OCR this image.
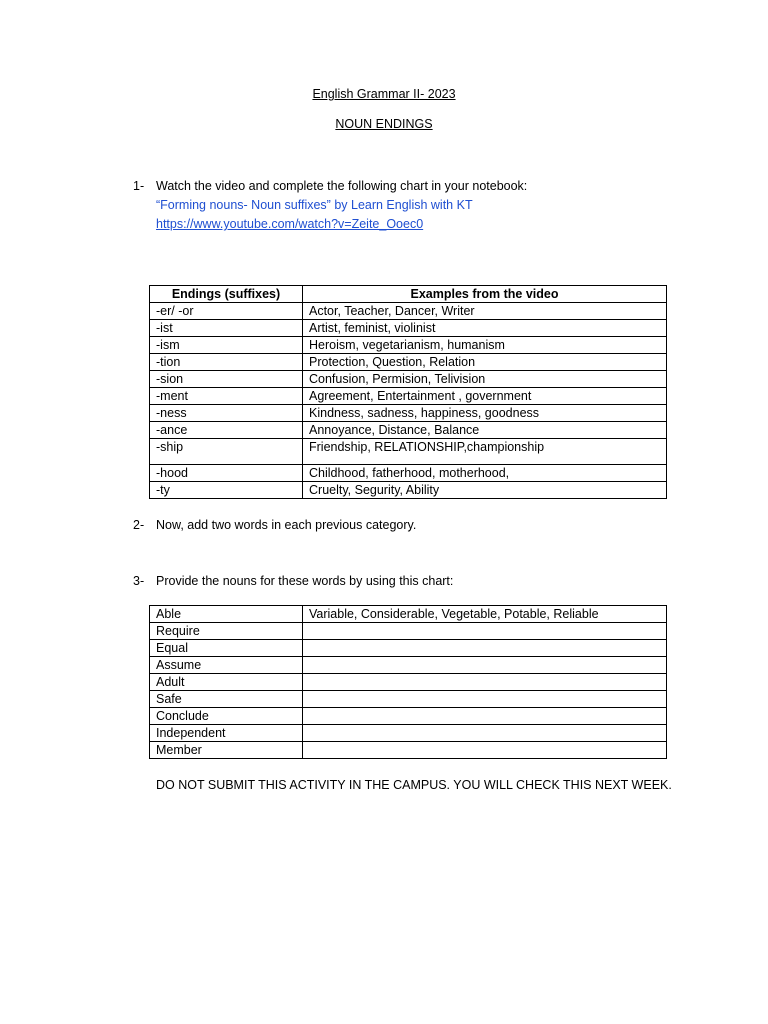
English Grammar II- 2023
NOUN ENDINGS
1- Watch the video and complete the following chart in your notebook:
“Forming nouns- Noun suffixes” by Learn English with KT
https://www.youtube.com/watch?v=Zeite_Ooec0
Endings (suffixes)	Examples from the video
-er/ -or	Actor, Teacher, Dancer, Writer
-ist	Artist, feminist, violinist
-ism	Heroism, vegetarianism, humanism
-tion	Protection, Question, Relation
-sion	Confusion, Permision, Telivision
-ment	Agreement, Entertainment , government
-ness	Kindness, sadness, happiness, goodness
-ance	Annoyance, Distance, Balance
-ship	Friendship, RELATIONSHIP,championship
-hood	Childhood, fatherhood, motherhood,
-ty	Cruelty, Segurity, Ability
2- Now, add two words in each previous category.
3- Provide the nouns for these words by using this chart:
Able	Variable, Considerable, Vegetable, Potable, Reliable
Require	
Equal	
Assume	
Adult	
Safe	
Conclude	
Independent	
Member	
DO NOT SUBMIT THIS ACTIVITY IN THE CAMPUS. YOU WILL CHECK THIS NEXT WEEK.
